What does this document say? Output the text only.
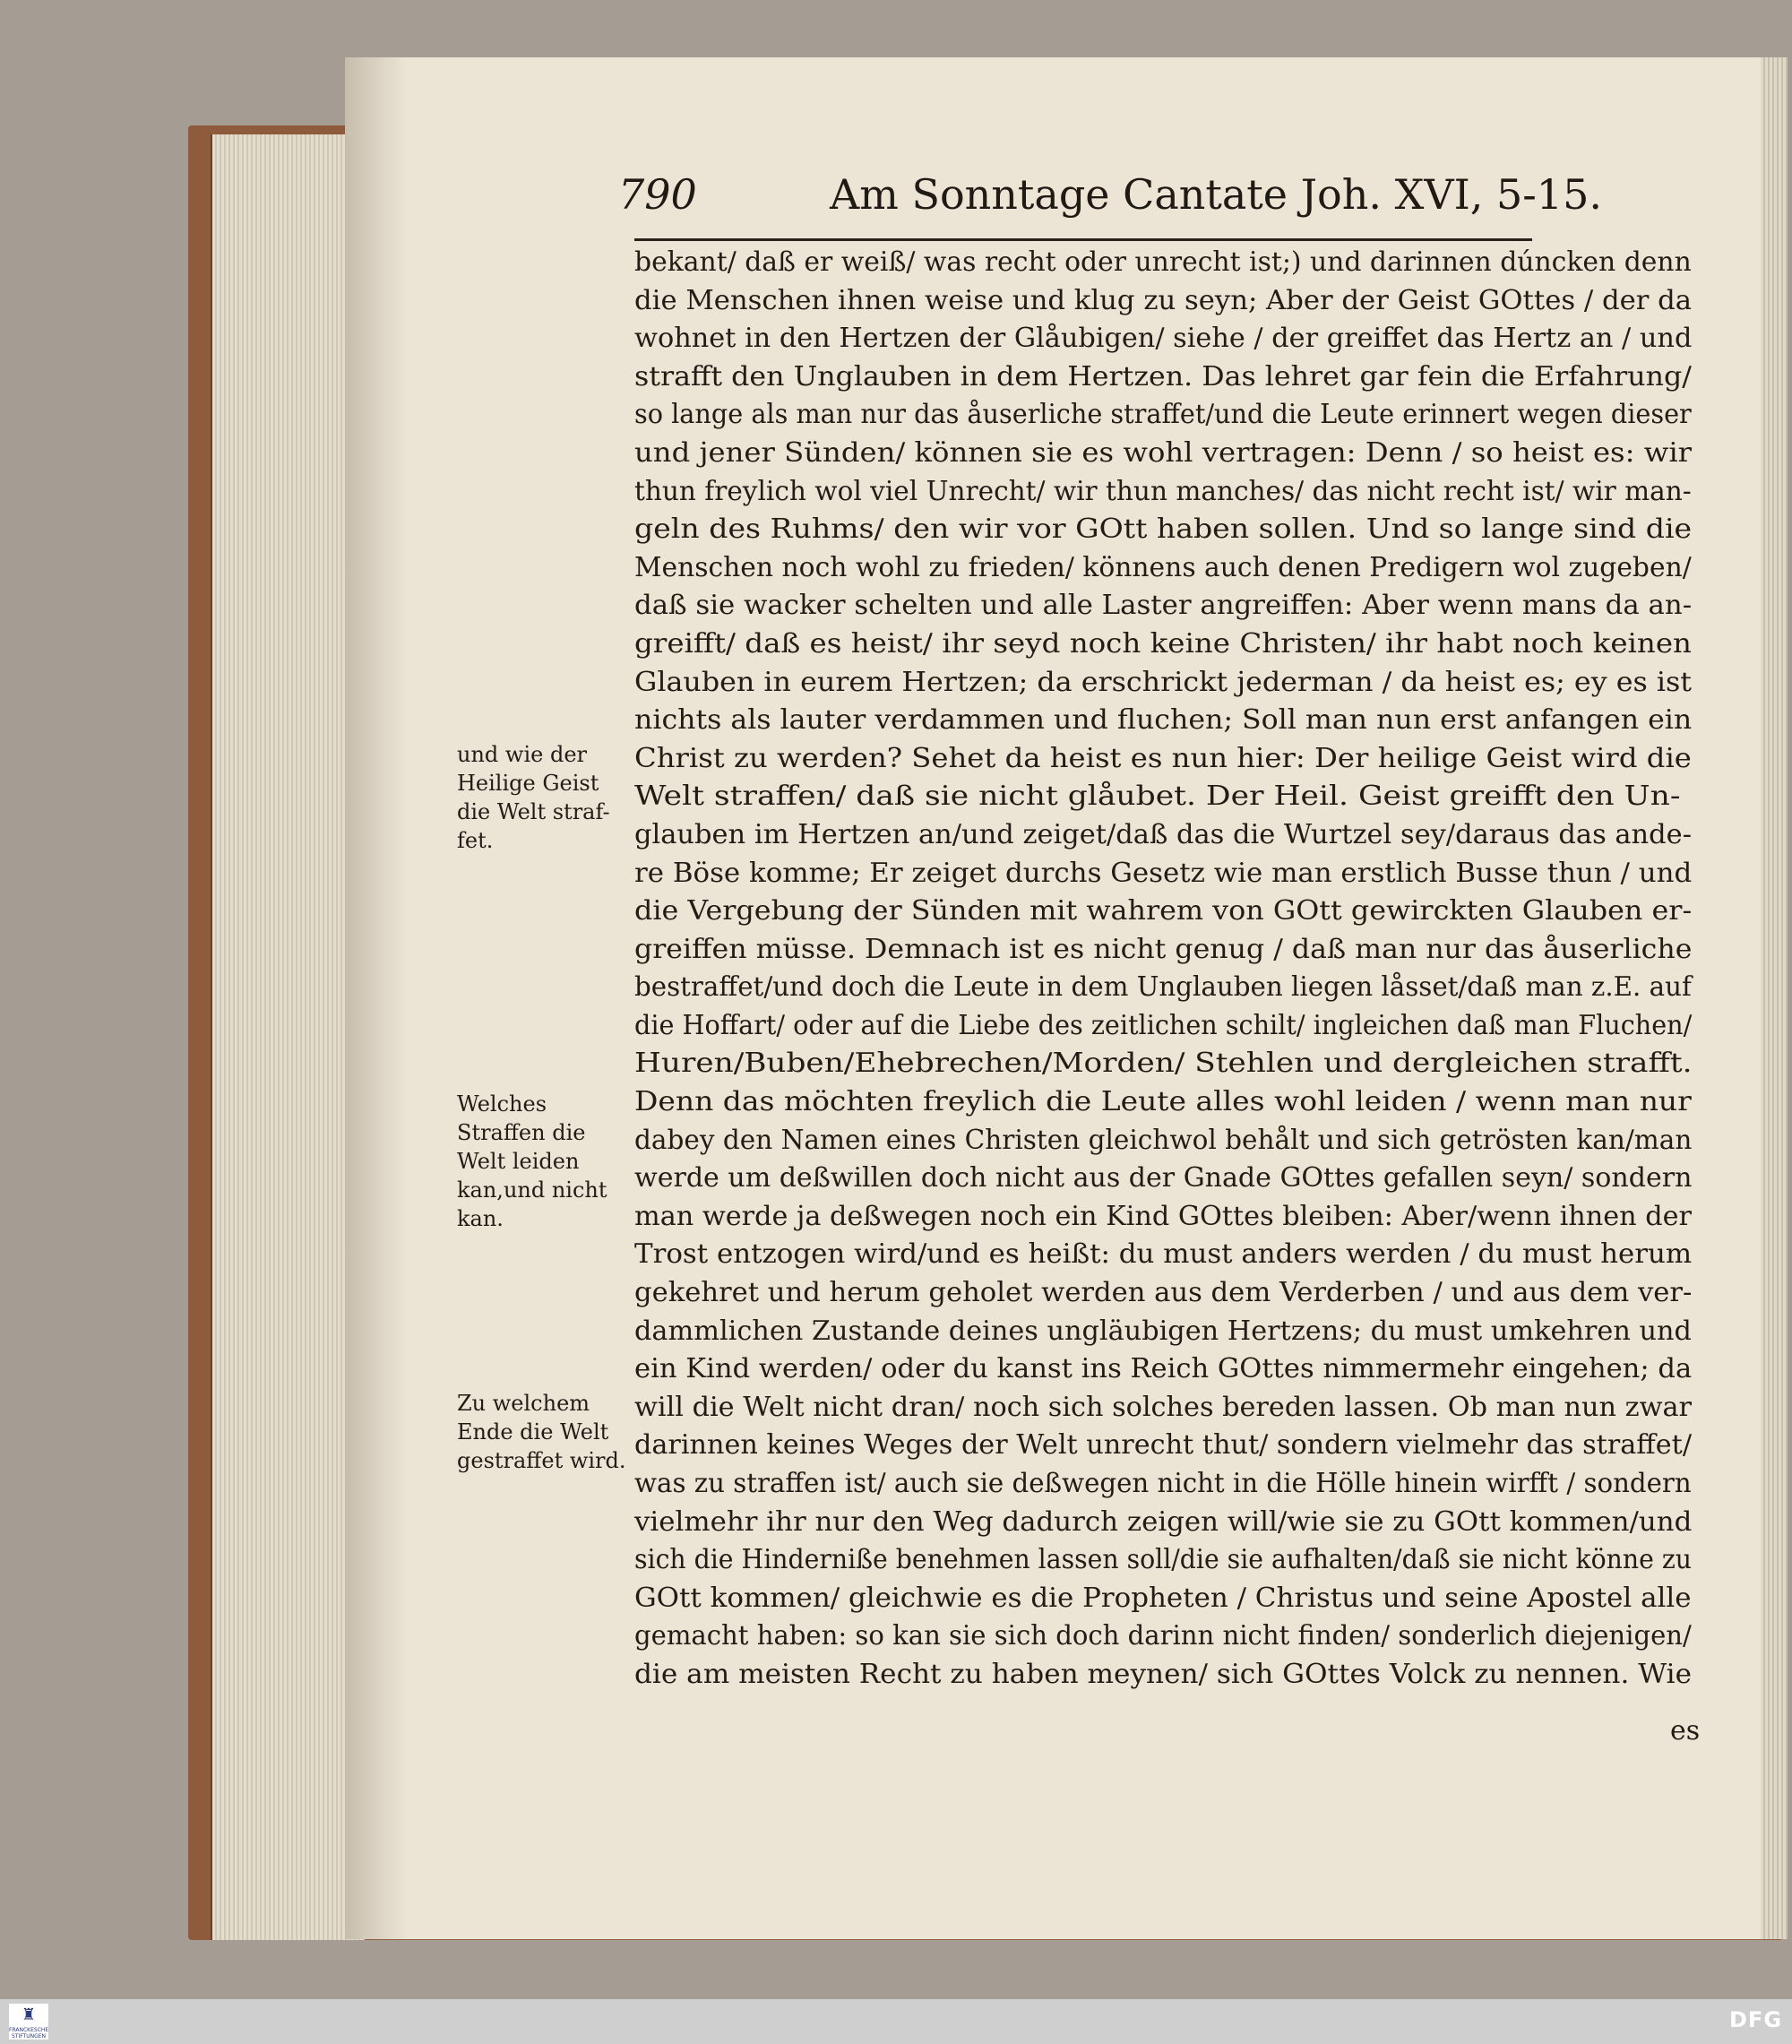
790	Am Sonntage Cantate Joh. XVI, 5-15.
bekant/ daß er weiß/ was recht oder unrecht ist;) und darinnen dúncken denn
die Menschen ihnen weise und klug zu seyn; Aber der Geist GOttes / der da
wohnet in den Hertzen der Glåubigen/ siehe / der greiffet das Hertz an / und
strafft den Unglauben in dem Hertzen. Das lehret gar fein die Erfahrung/
so lange als man nur das åuserliche straffet/und die Leute erinnert wegen dieser
und jener Sünden/ können sie es wohl vertragen: Denn / so heist es: wir
thun freylich wol viel Unrecht/ wir thun manches/ das nicht recht ist/ wir man-
geln des Ruhms/ den wir vor GOtt haben sollen. Und so lange sind die
Menschen noch wohl zu frieden/ könnens auch denen Predigern wol zugeben/
daß sie wacker schelten und alle Laster angreiffen: Aber wenn mans da an-
greifft/ daß es heist/ ihr seyd noch keine Christen/ ihr habt noch keinen
Glauben in eurem Hertzen; da erschrickt jederman / da heist es; ey es ist
nichts als lauter verdammen und fluchen; Soll man nun erst anfangen ein
Christ zu werden? Sehet da heist es nun hier: Der heilige Geist wird die
Welt straffen/ daß sie nicht glåubet. Der Heil. Geist greifft den Un-
glauben im Hertzen an/und zeiget/daß das die Wurtzel sey/daraus das ande-
re Böse komme; Er zeiget durchs Gesetz wie man erstlich Busse thun / und
die Vergebung der Sünden mit wahrem von GOtt gewirckten Glauben er-
greiffen müsse. Demnach ist es nicht genug / daß man nur das åuserliche
bestraffet/und doch die Leute in dem Unglauben liegen låsset/daß man z.E. auf
die Hoffart/ oder auf die Liebe des zeitlichen schilt/ ingleichen daß man Fluchen/
Huren/Buben/Ehebrechen/Morden/ Stehlen und dergleichen strafft.
Denn das möchten freylich die Leute alles wohl leiden / wenn man nur
dabey den Namen eines Christen gleichwol behålt und sich getrösten kan/man
werde um deßwillen doch nicht aus der Gnade GOttes gefallen seyn/ sondern
man werde ja deßwegen noch ein Kind GOttes bleiben: Aber/wenn ihnen der
Trost entzogen wird/und es heißt: du must anders werden / du must herum
gekehret und herum geholet werden aus dem Verderben / und aus dem ver-
dammlichen Zustande deines ungläubigen Hertzens; du must umkehren und
ein Kind werden/ oder du kanst ins Reich GOttes nimmermehr eingehen; da
will die Welt nicht dran/ noch sich solches bereden lassen. Ob man nun zwar
darinnen keines Weges der Welt unrecht thut/ sondern vielmehr das straffet/
was zu straffen ist/ auch sie deßwegen nicht in die Hölle hinein wirfft / sondern
vielmehr ihr nur den Weg dadurch zeigen will/wie sie zu GOtt kommen/und
sich die Hinderniße benehmen lassen soll/die sie aufhalten/daß sie nicht könne zu
GOtt kommen/ gleichwie es die Propheten / Christus und seine Apostel alle
gemacht haben: so kan sie sich doch darinn nicht finden/ sonderlich diejenigen/
die am meisten Recht zu haben meynen/ sich GOttes Volck zu nennen. Wie
und wie der
Heilige Geist
die Welt straf-
fet.
Welches
Straffen die
Welt leiden
kan,und nicht
kan.
Zu welchem
Ende die Welt
gestraffet wird.
es
♜
FRANCKESCHE STIFTUNGEN
DFG
